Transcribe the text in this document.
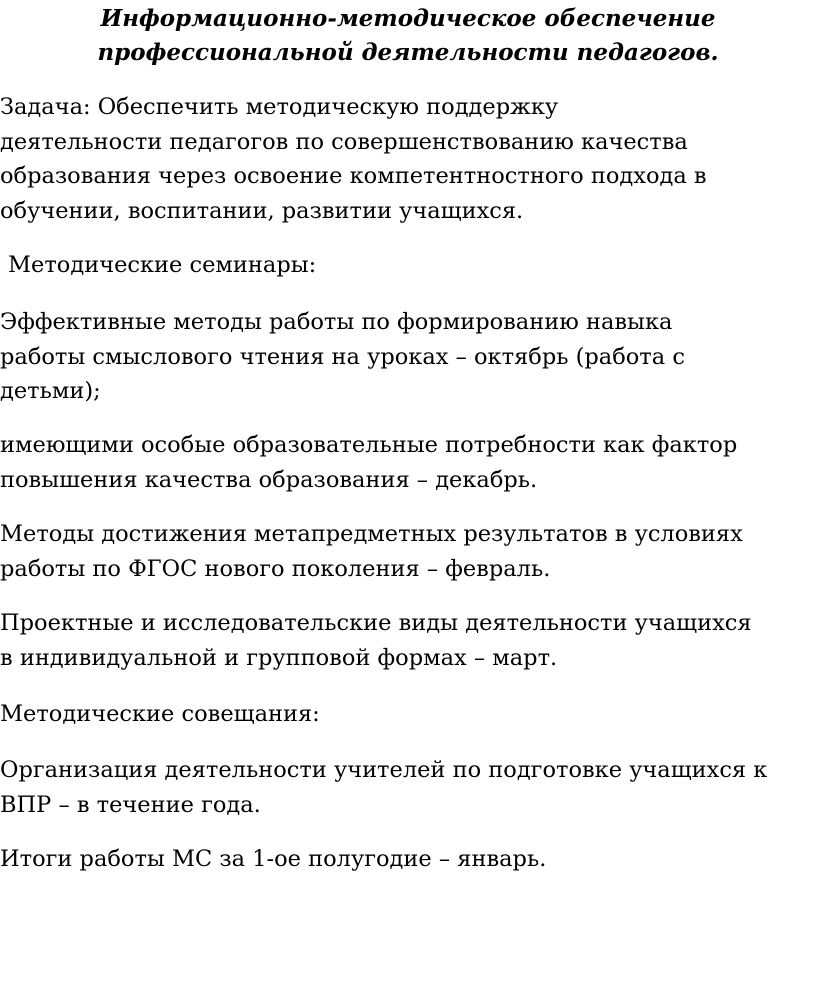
Информационно-методическое обеспечение
профессиональной деятельности педагогов.

Задача: Обеспечить методическую поддержку
деятельности педагогов по совершенствованию качества
образования через освоение компетентностного подхода в
обучении, воспитании, развитии учащихся.

Методические семинары:

Эффективные методы работы по формированию навыка
работы смыслового чтения на уроках – октябрь (работа с
детьми);

имеющими особые образовательные потребности как фактор
повышения качества образования – декабрь.

Методы достижения метапредметных результатов в условиях
работы по ФГОС нового поколения – февраль.

Проектные и исследовательские виды деятельности учащихся
в индивидуальной и групповой формах – март.

Методические совещания:

Организация деятельности учителей по подготовке учащихся к
ВПР – в течение года.

Итоги работы МС за 1-ое полугодие – январь.
